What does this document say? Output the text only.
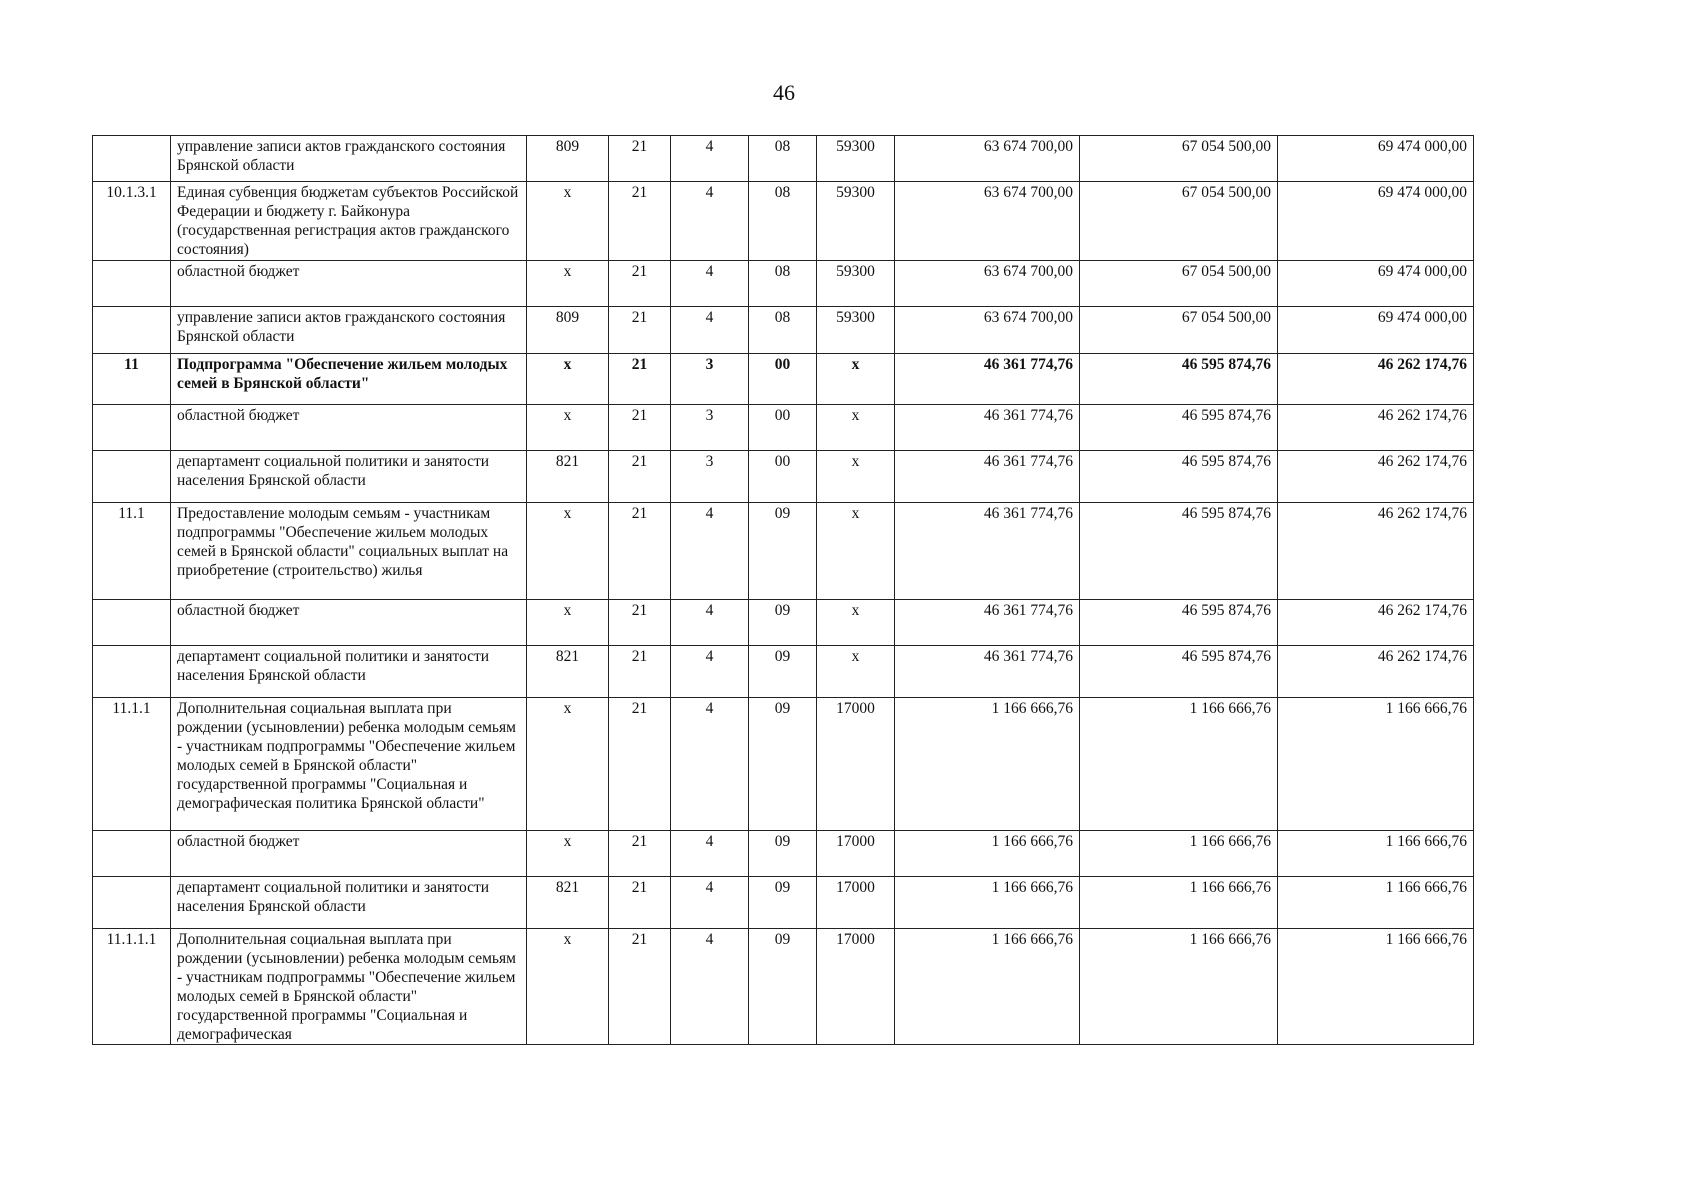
46
	управление записи актов гражданского состояния Брянской области	809	21	4	08	59300	63 674 700,00	67 054 500,00	69 474 000,00
10.1.3.1	Единая субвенция бюджетам субъектов Российской Федерации и бюджету г. Байконура (государственная регистрация актов гражданского состояния)	х	21	4	08	59300	63 674 700,00	67 054 500,00	69 474 000,00
	областной бюджет	х	21	4	08	59300	63 674 700,00	67 054 500,00	69 474 000,00
	управление записи актов гражданского состояния Брянской области	809	21	4	08	59300	63 674 700,00	67 054 500,00	69 474 000,00
11	Подпрограмма "Обеспечение жильем молодых семей в Брянской области"	х	21	3	00	х	46 361 774,76	46 595 874,76	46 262 174,76
	областной бюджет	х	21	3	00	х	46 361 774,76	46 595 874,76	46 262 174,76
	департамент социальной политики и занятости населения Брянской области	821	21	3	00	х	46 361 774,76	46 595 874,76	46 262 174,76
11.1	Предоставление молодым семьям - участникам подпрограммы "Обеспечение жильем молодых семей в Брянской области" социальных выплат на приобретение (строительство) жилья	х	21	4	09	х	46 361 774,76	46 595 874,76	46 262 174,76
	областной бюджет	х	21	4	09	х	46 361 774,76	46 595 874,76	46 262 174,76
	департамент социальной политики и занятости населения Брянской области	821	21	4	09	х	46 361 774,76	46 595 874,76	46 262 174,76
11.1.1	Дополнительная социальная выплата при рождении (усыновлении) ребенка молодым семьям - участникам подпрограммы "Обеспечение жильем молодых семей в Брянской области" государственной программы "Социальная и демографическая политика Брянской области"	х	21	4	09	17000	1 166 666,76	1 166 666,76	1 166 666,76
	областной бюджет	х	21	4	09	17000	1 166 666,76	1 166 666,76	1 166 666,76
	департамент социальной политики и занятости населения Брянской области	821	21	4	09	17000	1 166 666,76	1 166 666,76	1 166 666,76
11.1.1.1	Дополнительная социальная выплата при рождении (усыновлении) ребенка молодым семьям - участникам подпрограммы "Обеспечение жильем молодых семей в Брянской области" государственной программы "Социальная и демографическая	х	21	4	09	17000	1 166 666,76	1 166 666,76	1 166 666,76
